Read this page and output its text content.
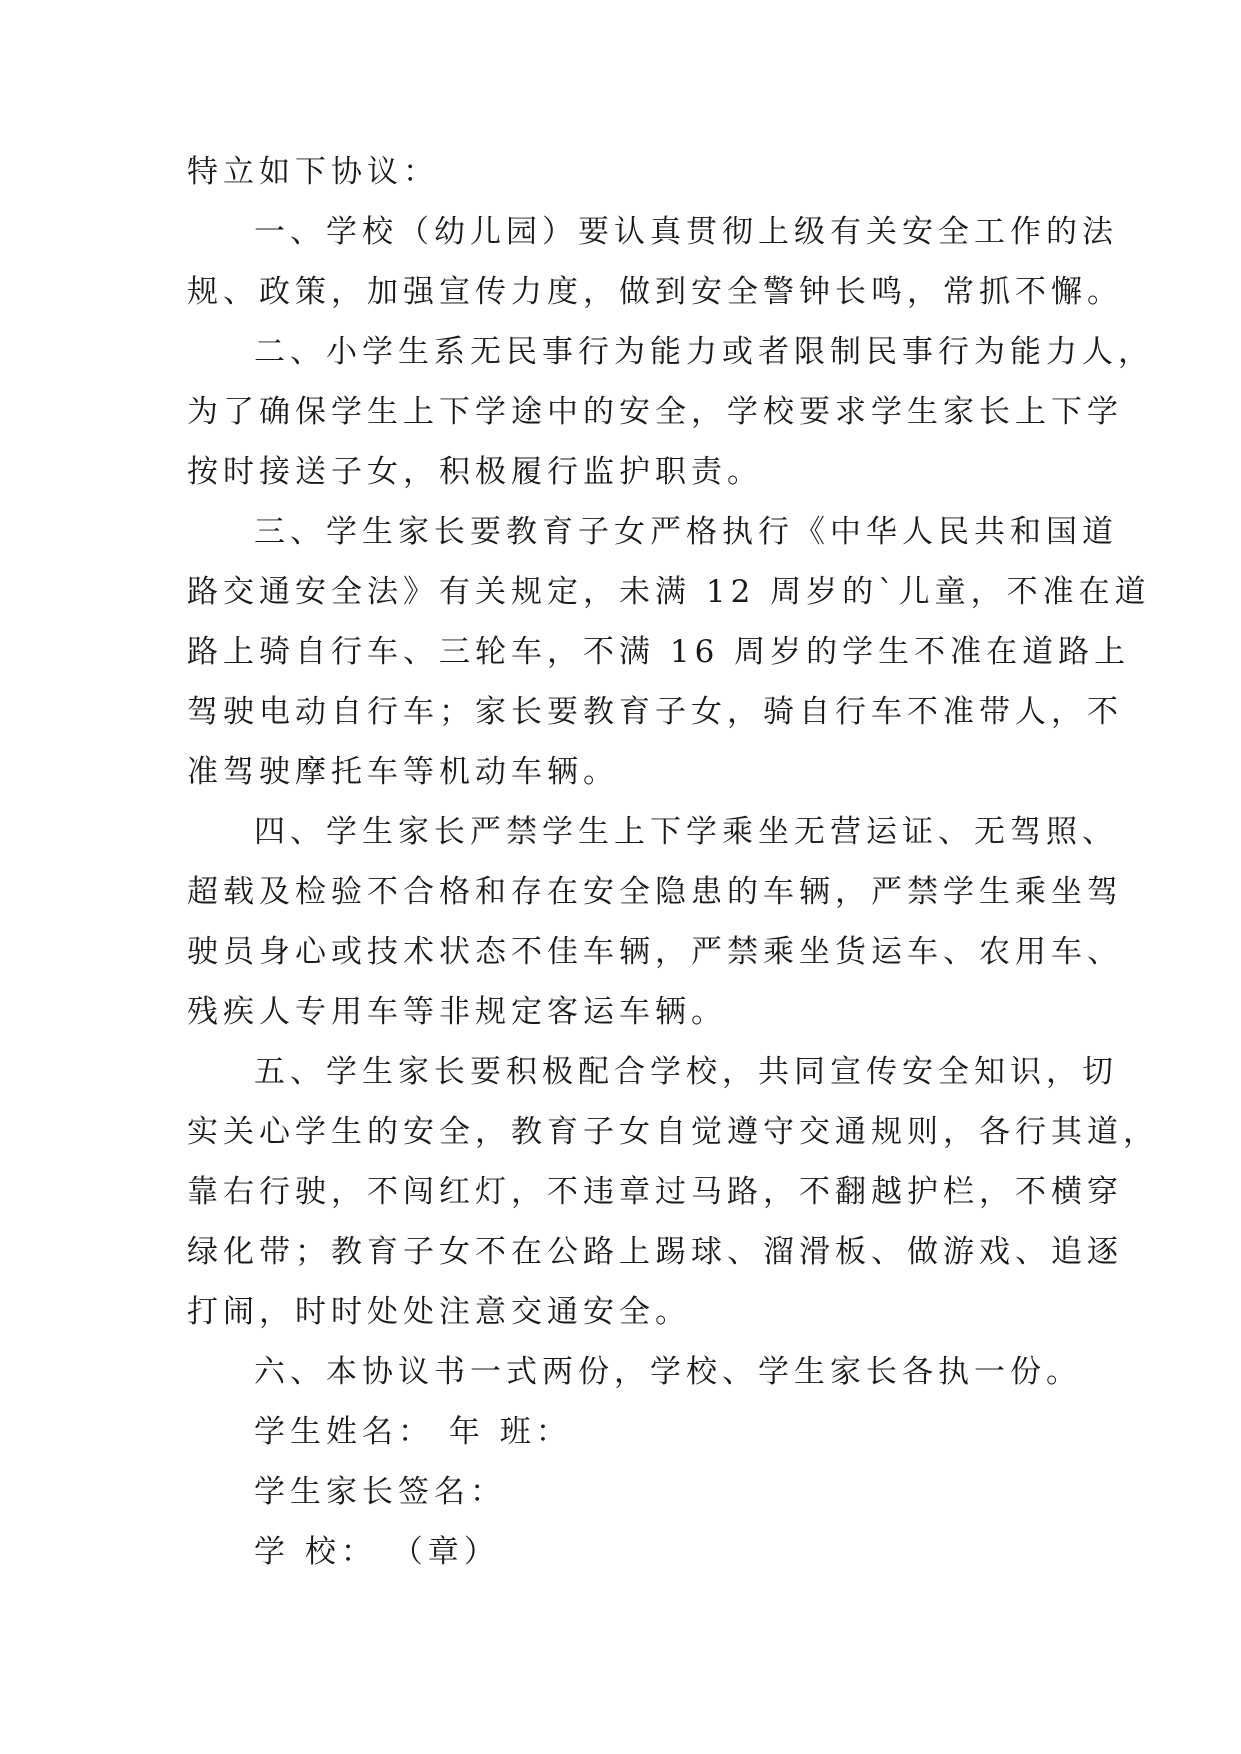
特立如下协议：
一、学校（幼儿园）要认真贯彻上级有关安全工作的法
规、政策，加强宣传力度，做到安全警钟长鸣，常抓不懈。
二、小学生系无民事行为能力或者限制民事行为能力人，
为了确保学生上下学途中的安全，学校要求学生家长上下学
按时接送子女，积极履行监护职责。
三、学生家长要教育子女严格执行《中华人民共和国道
路交通安全法》有关规定，未满 12 周岁的`儿童，不准在道
路上骑自行车、三轮车，不满 16 周岁的学生不准在道路上
驾驶电动自行车；家长要教育子女，骑自行车不准带人，不
准驾驶摩托车等机动车辆。
四、学生家长严禁学生上下学乘坐无营运证、无驾照、
超载及检验不合格和存在安全隐患的车辆，严禁学生乘坐驾
驶员身心或技术状态不佳车辆，严禁乘坐货运车、农用车、
残疾人专用车等非规定客运车辆。
五、学生家长要积极配合学校，共同宣传安全知识，切
实关心学生的安全，教育子女自觉遵守交通规则，各行其道，
靠右行驶，不闯红灯，不违章过马路，不翻越护栏，不横穿
绿化带；教育子女不在公路上踢球、溜滑板、做游戏、追逐
打闹，时时处处注意交通安全。
六、本协议书一式两份，学校、学生家长各执一份。
学生姓名： 年 班：
学生家长签名：
学 校： （章）
